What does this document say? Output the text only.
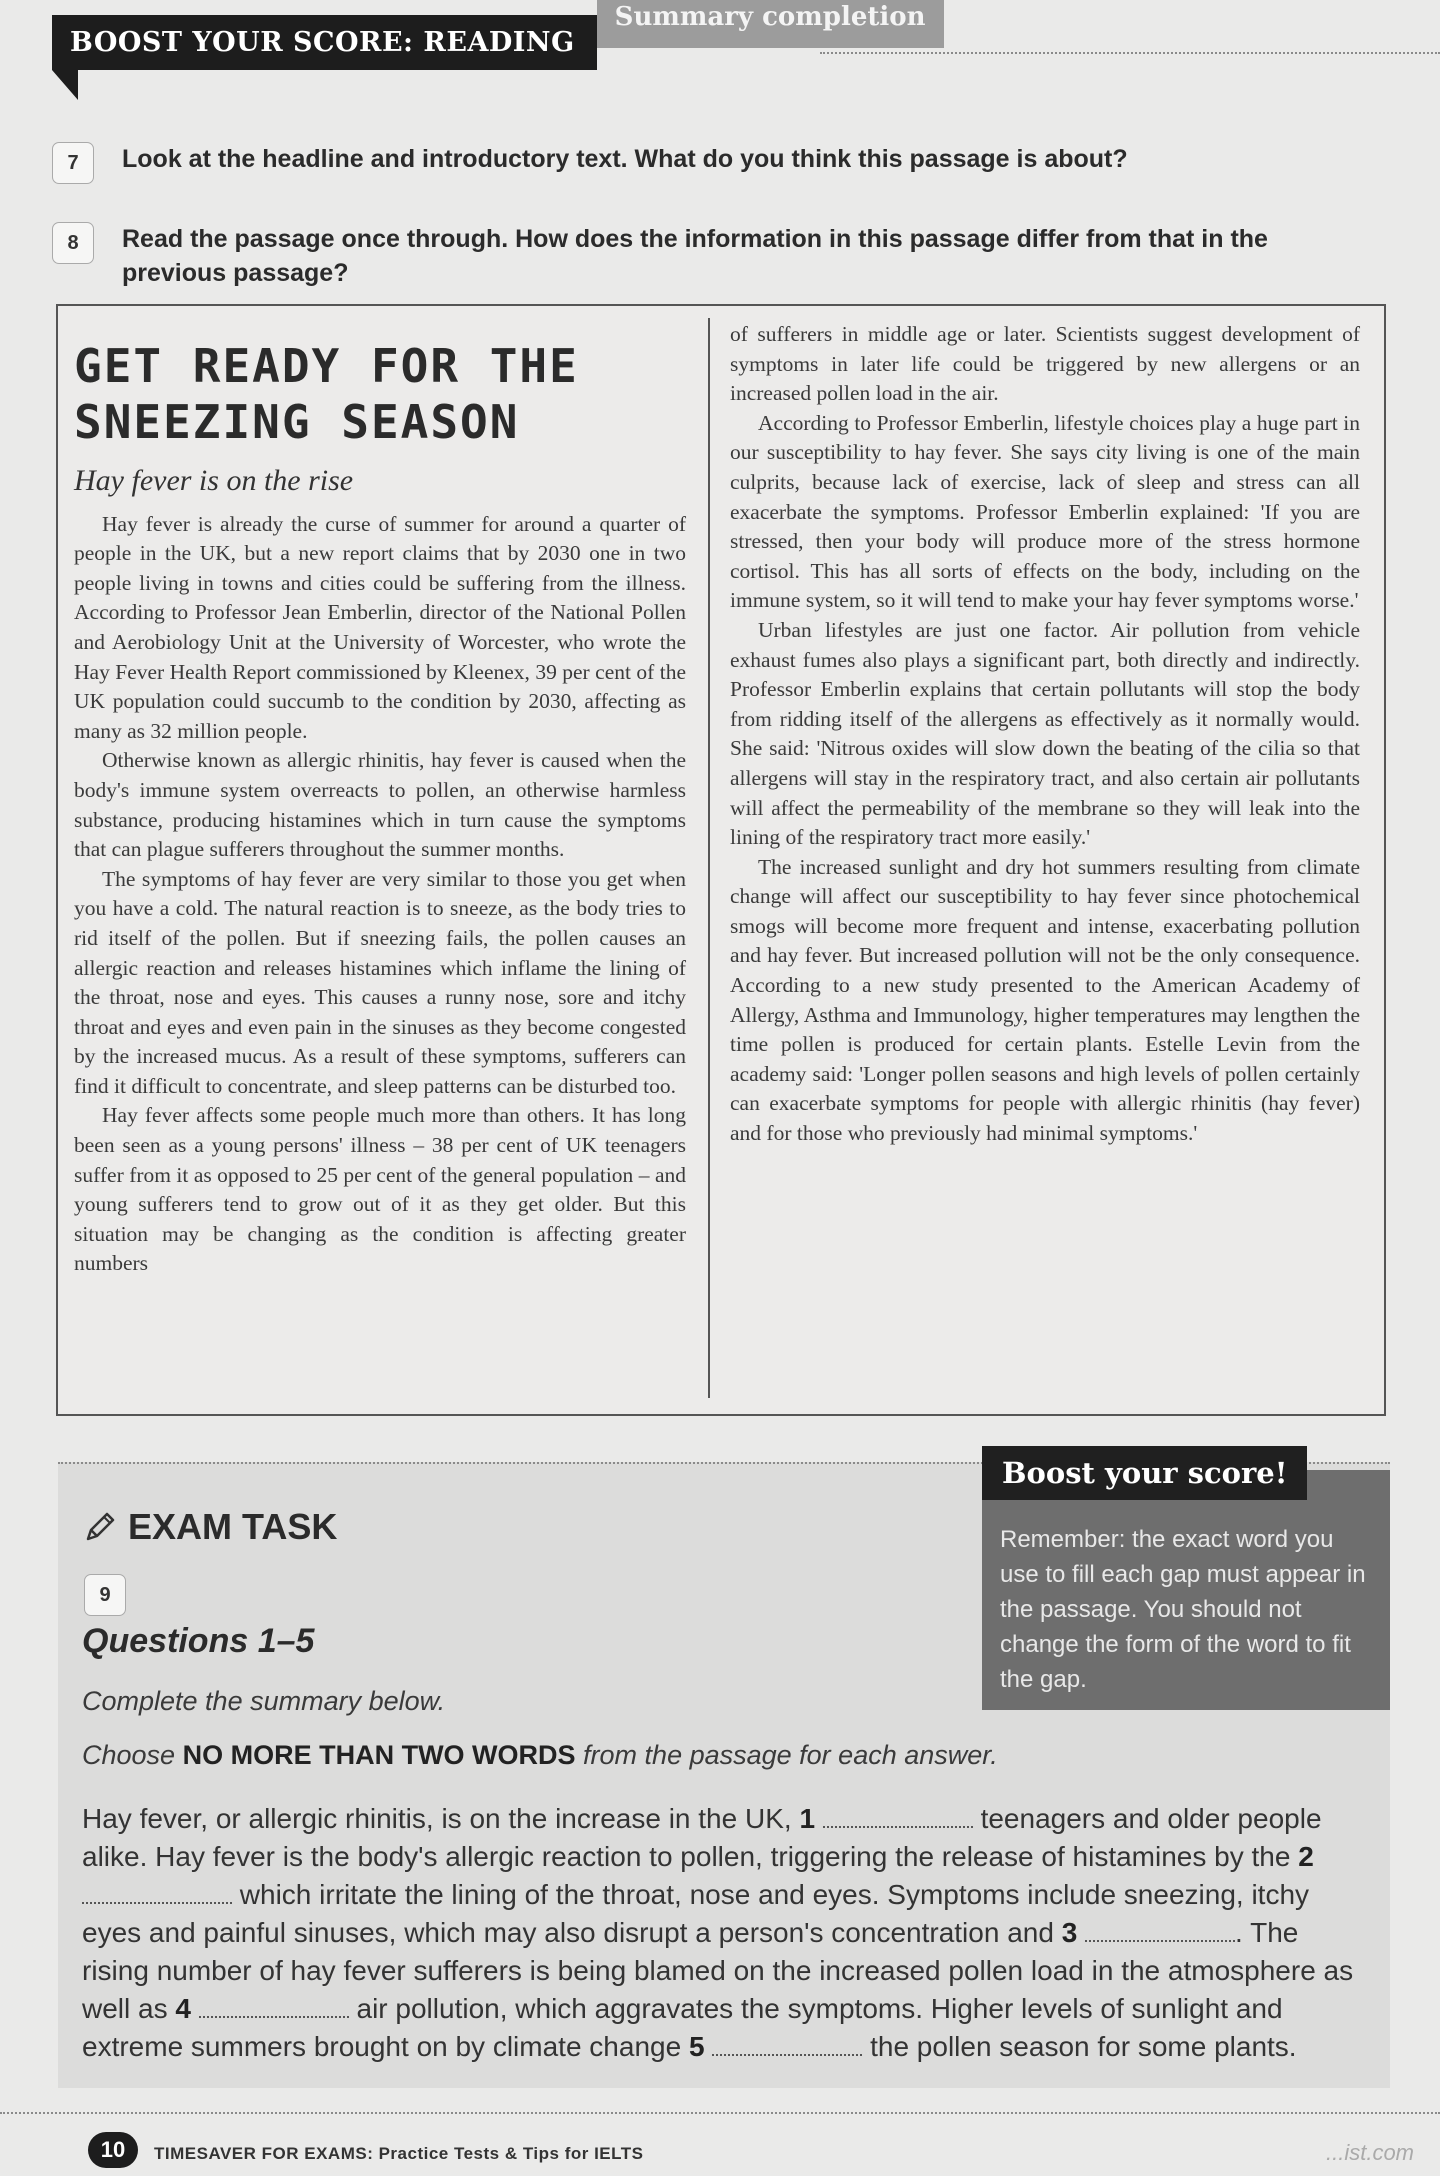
BOOST YOUR SCORE: READING
Summary completion
7	Look at the headline and introductory text. What do you think this passage is about?
8	Read the passage once through. How does the information in this passage differ from that in the previous passage?
GET READY FOR THE SNEEZING SEASON
Hay fever is on the rise

Hay fever is already the curse of summer for around a quarter of people in the UK, but a new report claims that by 2030 one in two people living in towns and cities could be suffering from the illness. According to Professor Jean Emberlin, director of the National Pollen and Aerobiology Unit at the University of Worcester, who wrote the Hay Fever Health Report commissioned by Kleenex, 39 per cent of the UK population could succumb to the condition by 2030, affecting as many as 32 million people.

Otherwise known as allergic rhinitis, hay fever is caused when the body's immune system overreacts to pollen, an otherwise harmless substance, producing histamines which in turn cause the symptoms that can plague sufferers throughout the summer months.

The symptoms of hay fever are very similar to those you get when you have a cold. The natural reaction is to sneeze, as the body tries to rid itself of the pollen. But if sneezing fails, the pollen causes an allergic reaction and releases histamines which inflame the lining of the throat, nose and eyes. This causes a runny nose, sore and itchy throat and eyes and even pain in the sinuses as they become congested by the increased mucus. As a result of these symptoms, sufferers can find it difficult to concentrate, and sleep patterns can be disturbed too.

Hay fever affects some people much more than others. It has long been seen as a young persons' illness – 38 per cent of UK teenagers suffer from it as opposed to 25 per cent of the general population – and young sufferers tend to grow out of it as they get older. But this situation may be changing as the condition is affecting greater numbers

of sufferers in middle age or later. Scientists suggest development of symptoms in later life could be triggered by new allergens or an increased pollen load in the air.

According to Professor Emberlin, lifestyle choices play a huge part in our susceptibility to hay fever. She says city living is one of the main culprits, because lack of exercise, lack of sleep and stress can all exacerbate the symptoms. Professor Emberlin explained: 'If you are stressed, then your body will produce more of the stress hormone cortisol. This has all sorts of effects on the body, including on the immune system, so it will tend to make your hay fever symptoms worse.'

Urban lifestyles are just one factor. Air pollution from vehicle exhaust fumes also plays a significant part, both directly and indirectly. Professor Emberlin explains that certain pollutants will stop the body from ridding itself of the allergens as effectively as it normally would. She said: 'Nitrous oxides will slow down the beating of the cilia so that allergens will stay in the respiratory tract, and also certain air pollutants will affect the permeability of the membrane so they will leak into the lining of the respiratory tract more easily.'

The increased sunlight and dry hot summers resulting from climate change will affect our susceptibility to hay fever since photochemical smogs will become more frequent and intense, exacerbating pollution and hay fever. But increased pollution will not be the only consequence. According to a new study presented to the American Academy of Allergy, Asthma and Immunology, higher temperatures may lengthen the time pollen is produced for certain plants. Estelle Levin from the academy said: 'Longer pollen seasons and high levels of pollen certainly can exacerbate symptoms for people with allergic rhinitis (hay fever) and for those who previously had minimal symptoms.'

EXAM TASK
9
Questions 1–5
Complete the summary below.
Choose NO MORE THAN TWO WORDS from the passage for each answer.
Hay fever, or allergic rhinitis, is on the increase in the UK, 1	teenagers and older people alike. Hay fever is the body's allergic reaction to pollen, triggering the release of histamines by the 2  which irritate the lining of the throat, nose and eyes. Symptoms include sneezing, itchy eyes and painful sinuses, which may also disrupt a person's concentration and 3	. The rising number of hay fever sufferers is being blamed on the increased pollen load in the atmosphere as well as 4	air pollution, which aggravates the symptoms. Higher levels of sunlight and extreme summers brought on by climate change 5	the pollen season for some plants.
Boost your score!
Remember: the exact word you use to fill each gap must appear in the passage. You should not change the form of the word to fit the gap.
10	TIMESAVER FOR EXAMS: Practice Tests & Tips for IELTS	...ist.com
